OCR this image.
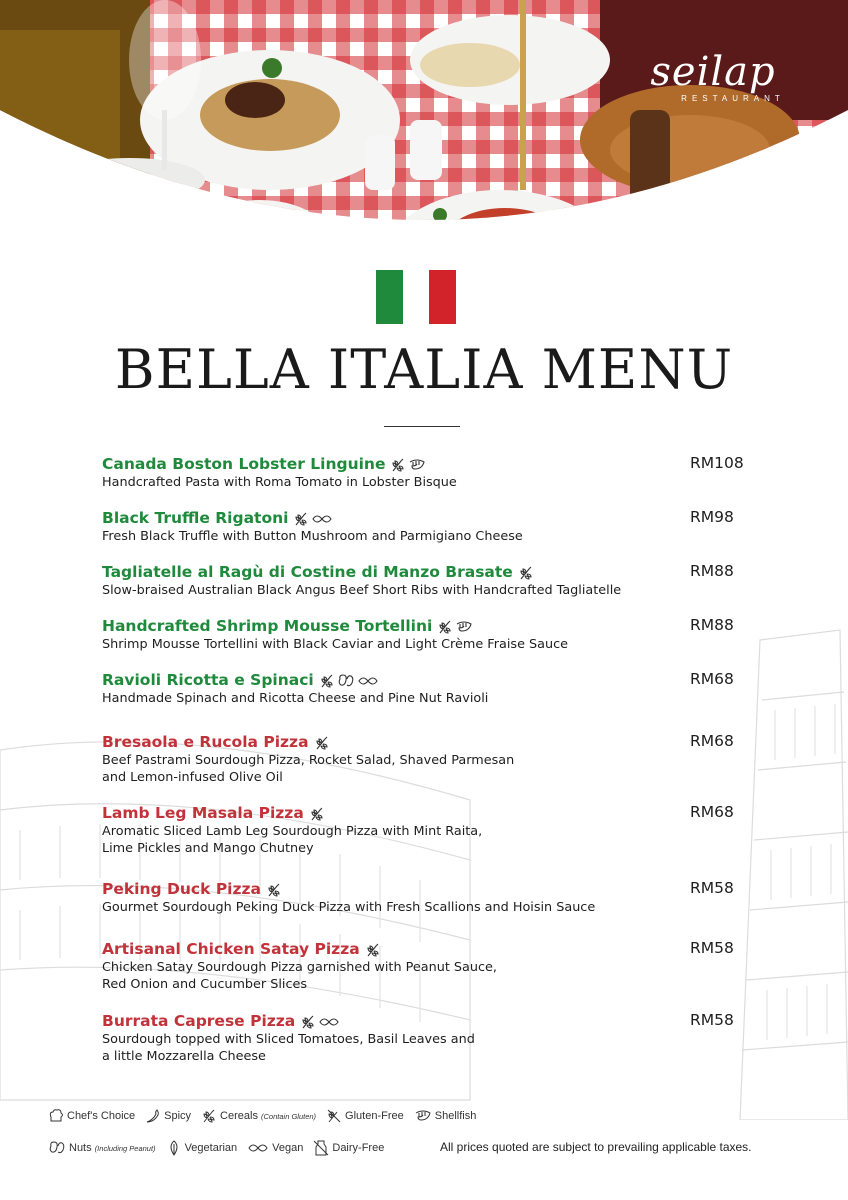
seilap
RESTAURANT
BELLA ITALIA MENU
Canada Boston Lobster Linguine
Handcrafted Pasta with Roma Tomato in Lobster Bisque
RM108
Black Truffle Rigatoni
Fresh Black Truffle with Button Mushroom and Parmigiano Cheese
RM98
Tagliatelle al Ragù di Costine di Manzo Brasate
Slow-braised Australian Black Angus Beef Short Ribs with Handcrafted Tagliatelle
RM88
Handcrafted Shrimp Mousse Tortellini
Shrimp Mousse Tortellini with Black Caviar and Light Crème Fraise Sauce
RM88
Ravioli Ricotta e Spinaci
Handmade Spinach and Ricotta Cheese and Pine Nut Ravioli
RM68
Bresaola e Rucola Pizza
Beef Pastrami Sourdough Pizza, Rocket Salad, Shaved Parmesan
and Lemon-infused Olive Oil
RM68
Lamb Leg Masala Pizza
Aromatic Sliced Lamb Leg Sourdough Pizza with Mint Raita,
Lime Pickles and Mango Chutney
RM68
Peking Duck Pizza
Gourmet Sourdough Peking Duck Pizza with Fresh Scallions and Hoisin Sauce
RM58
Artisanal Chicken Satay Pizza
Chicken Satay Sourdough Pizza garnished with Peanut Sauce,
Red Onion and Cucumber Slices
RM58
Burrata Caprese Pizza
Sourdough topped with Sliced Tomatoes, Basil Leaves and
a little Mozzarella Cheese
RM58
Chef's Choice	Spicy	Cereals
(Contain Gluten)	Gluten-Free	Shellfish
Nuts
(Including Peanut)	Vegetarian	Vegan	Dairy-Free	All prices quoted are subject to prevailing applicable taxes.
